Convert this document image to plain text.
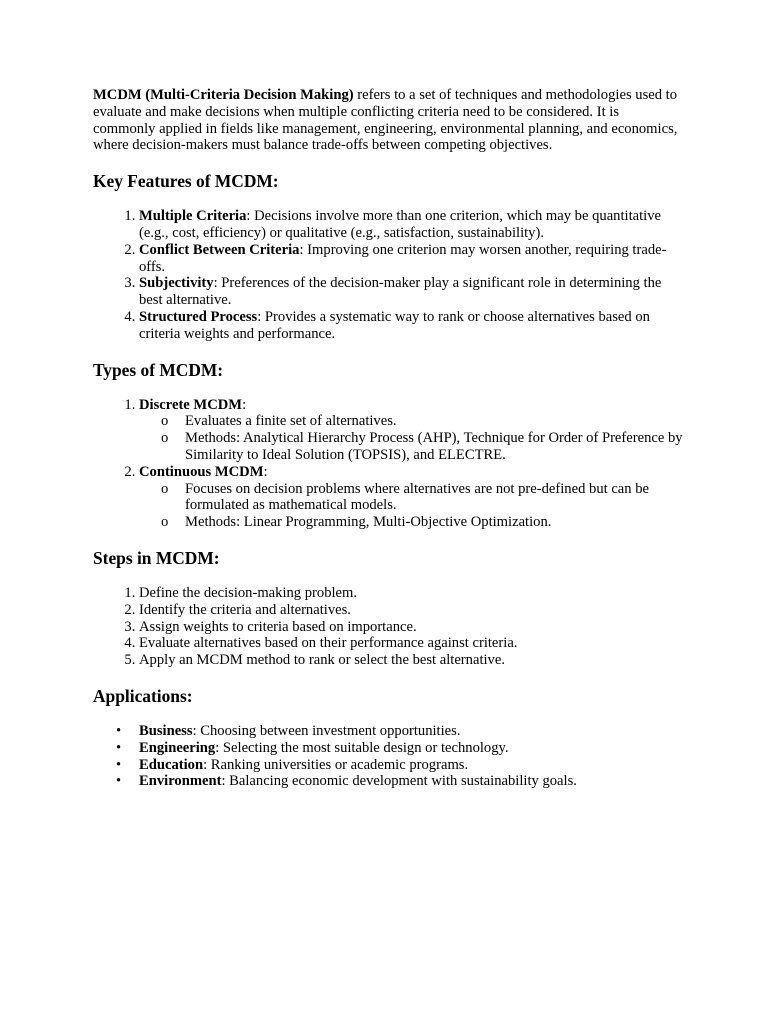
MCDM (Multi-Criteria Decision Making) refers to a set of techniques and methodologies used to evaluate and make decisions when multiple conflicting criteria need to be considered. It is commonly applied in fields like management, engineering, environmental planning, and economics, where decision-makers must balance trade-offs between competing objectives.

Key Features of MCDM:
1. Multiple Criteria: Decisions involve more than one criterion, which may be quantitative (e.g., cost, efficiency) or qualitative (e.g., satisfaction, sustainability).
2. Conflict Between Criteria: Improving one criterion may worsen another, requiring trade-offs.
3. Subjectivity: Preferences of the decision-maker play a significant role in determining the best alternative.
4. Structured Process: Provides a systematic way to rank or choose alternatives based on criteria weights and performance.
Types of MCDM:
1. Discrete MCDM:
o Evaluates a finite set of alternatives.
o Methods: Analytical Hierarchy Process (AHP), Technique for Order of Preference by Similarity to Ideal Solution (TOPSIS), and ELECTRE.
2. Continuous MCDM:
o Focuses on decision problems where alternatives are not pre-defined but can be formulated as mathematical models.
o Methods: Linear Programming, Multi-Objective Optimization.
Steps in MCDM:
1. Define the decision-making problem.
2. Identify the criteria and alternatives.
3. Assign weights to criteria based on importance.
4. Evaluate alternatives based on their performance against criteria.
5. Apply an MCDM method to rank or select the best alternative.
Applications:
• Business: Choosing between investment opportunities.
• Engineering: Selecting the most suitable design or technology.
• Education: Ranking universities or academic programs.
• Environment: Balancing economic development with sustainability goals.
